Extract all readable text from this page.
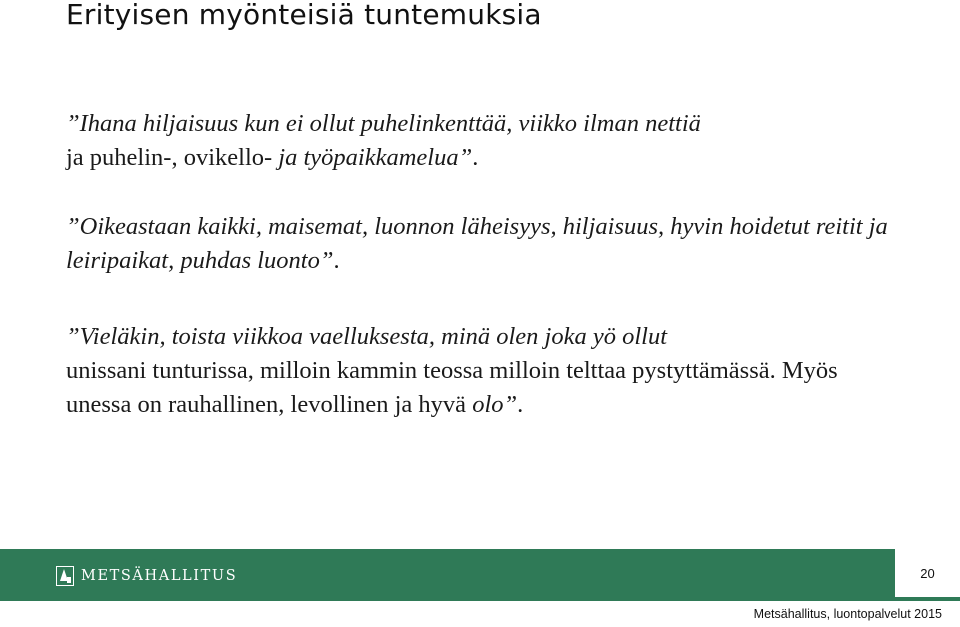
Erityisen myönteisiä tuntemuksia

”Ihana hiljaisuus kun ei ollut puhelinkenttää, viikko ilman nettiä
ja puhelin-, ovikello- ja työpaikkamelua”.

”Oikeastaan kaikki, maisemat, luonnon läheisyys, hiljaisuus, hyvin hoidetut reitit ja leiripaikat, puhdas luonto”.

”Vieläkin, toista viikkoa vaelluksesta, minä olen joka yö ollut
unissani tunturissa, milloin kammin teossa milloin telttaa pystyttämässä. Myös unessa on rauhallinen, levollinen ja hyvä olo”.

METSÄHALLITUS	20
Metsähallitus, luontopalvelut 2015
